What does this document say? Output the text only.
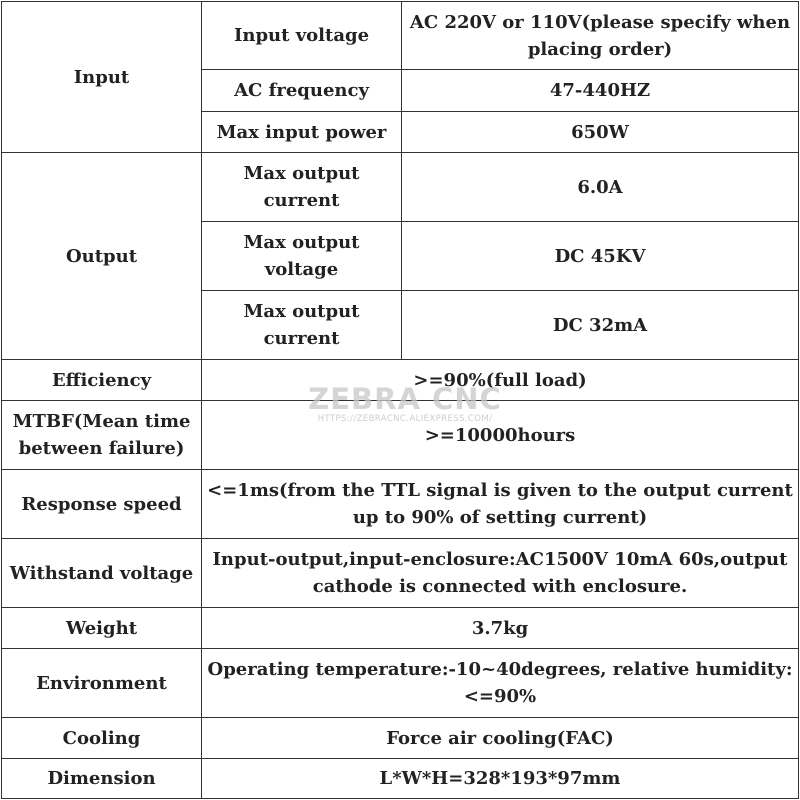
Input	Input voltage	AC 220V or 110V(please specify when placing order)
	AC frequency	47-440HZ
	Max input power	650W
Output	Max output current	6.0A
	Max output voltage	DC 45KV
	Max output current	DC 32mA
Efficiency	>=90%(full load)	
MTBF(Mean time between failure)	>=10000hours	
Response speed	<=1ms(from the TTL signal is given to the output current up to 90% of setting current)	
Withstand voltage	Input-output,input-enclosure:AC1500V 10mA 60s,output cathode is connected with enclosure.	
Weight	3.7kg	
Environment	Operating temperature:-10~40degrees, relative humidity:<=90%	
Cooling	Force air cooling(FAC)	
Dimension	L*W*H=328*193*97mm	
ZEBRA CNC
HTTPS://ZEBRACNC.ALIEXPRESS.COM/
